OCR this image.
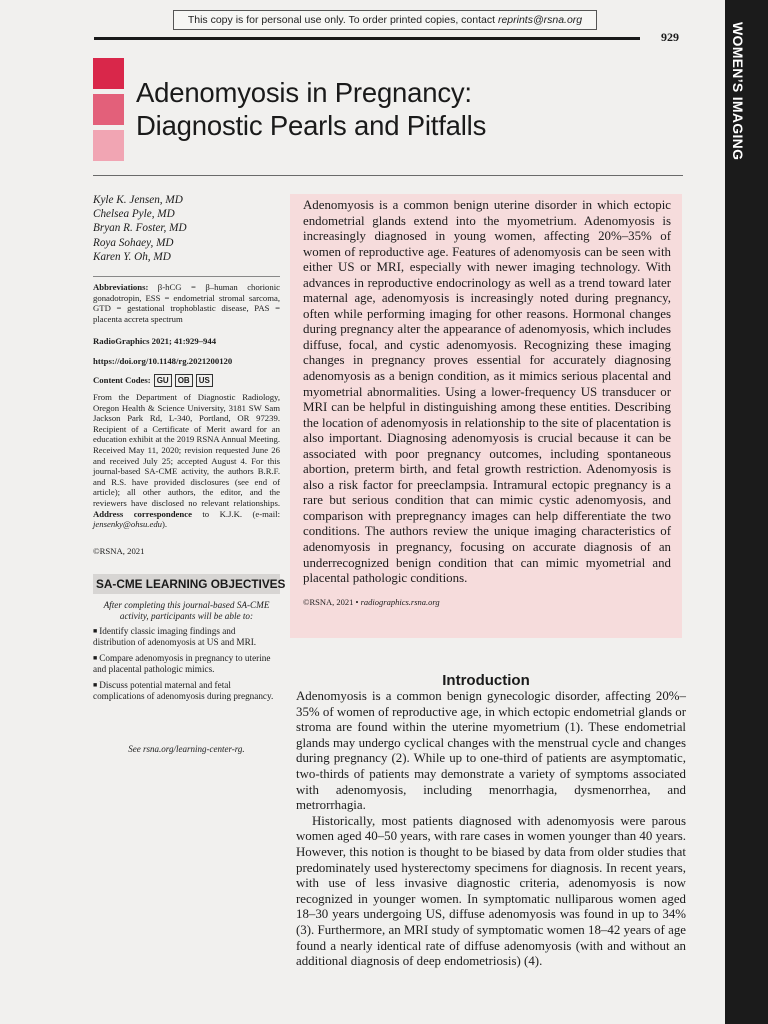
This copy is for personal use only. To order printed copies, contact reprints@rsna.org
929	WOMEN’S IMAGING
Adenomyosis in Pregnancy:
Diagnostic Pearls and Pitfalls
Kyle K. Jensen, MD
Chelsea Pyle, MD
Bryan R. Foster, MD
Roya Sohaey, MD
Karen Y. Oh, MD
Abbreviations: β-hCG = β–human chorionic gonadotropin, ESS = endometrial stromal sarcoma, GTD = gestational trophoblastic disease, PAS = placenta accreta spectrum
RadioGraphics 2021; 41:929–944
https://doi.org/10.1148/rg.2021200120
Content Codes: GU	OB	US
From the Department of Diagnostic Radiology, Oregon Health & Science University, 3181 SW Sam Jackson Park Rd, L-340, Portland, OR 97239. Recipient of a Certificate of Merit award for an education exhibit at the 2019 RSNA Annual Meeting. Received May 11, 2020; revision requested June 26 and received July 25; accepted August 4. For this journal-based SA-CME activity, the authors B.R.F. and R.S. have provided disclosures (see end of article); all other authors, the editor, and the reviewers have disclosed no relevant relationships. Address correspondence to K.J.K. (e-mail: jensenky@ohsu.edu).
©RSNA, 2021
SA-CME LEARNING OBJECTIVES
After completing this journal-based SA-CME activity, participants will be able to:
■ Identify classic imaging findings and distribution of adenomyosis at US and MRI.
■ Compare adenomyosis in pregnancy to uterine and placental pathologic mimics.
■ Discuss potential maternal and fetal complications of adenomyosis during pregnancy.
See rsna.org/learning-center-rg.

Adenomyosis is a common benign uterine disorder in which ectopic endometrial glands extend into the myometrium. Adenomyosis is increasingly diagnosed in young women, affecting 20%–35% of women of reproductive age. Features of adenomyosis can be seen with either US or MRI, especially with newer imaging technology. With advances in reproductive endocrinology as well as a trend toward later maternal age, adenomyosis is increasingly noted during pregnancy, often while performing imaging for other reasons. Hormonal changes during pregnancy alter the appearance of adenomyosis, which includes diffuse, focal, and cystic adenomyosis. Recognizing these imaging changes in pregnancy proves essential for accurately diagnosing adenomyosis as a benign condition, as it mimics serious placental and myometrial abnormalities. Using a lower-frequency US transducer or MRI can be helpful in distinguishing among these entities. Describing the location of adenomyosis in relationship to the site of placentation is also important. Diagnosing adenomyosis is crucial because it can be associated with poor pregnancy outcomes, including spontaneous abortion, preterm birth, and fetal growth restriction. Adenomyosis is also a risk factor for preeclampsia. Intramural ectopic pregnancy is a rare but serious condition that can mimic cystic adenomyosis, and comparison with prepregnancy images can help differentiate the two conditions. The authors review the unique imaging characteristics of adenomyosis in pregnancy, focusing on accurate diagnosis of an underrecognized benign condition that can mimic myometrial and placental pathologic conditions.

©RSNA, 2021 • radiographics.rsna.org

Introduction

Adenomyosis is a common benign gynecologic disorder, affecting 20%–35% of women of reproductive age, in which ectopic endometrial glands or stroma are found within the uterine myometrium (1). These endometrial glands may undergo cyclical changes with the menstrual cycle and changes during pregnancy (2). While up to one-third of patients are asymptomatic, two-thirds of patients may demonstrate a variety of symptoms associated with adenomyosis, including menorrhagia, dysmenorrhea, and metrorrhagia.

Historically, most patients diagnosed with adenomyosis were parous women aged 40–50 years, with rare cases in women younger than 40 years. However, this notion is thought to be biased by data from older studies that predominately used hysterectomy specimens for diagnosis. In recent years, with use of less invasive diagnostic criteria, adenomyosis is now recognized in younger women. In symptomatic nulliparous women aged 18–30 years undergoing US, diffuse adenomyosis was found in up to 34% (3). Furthermore, an MRI study of symptomatic women 18–42 years of age found a nearly identical rate of diffuse adenomyosis (with and without an additional diagnosis of deep endometriosis) (4).
